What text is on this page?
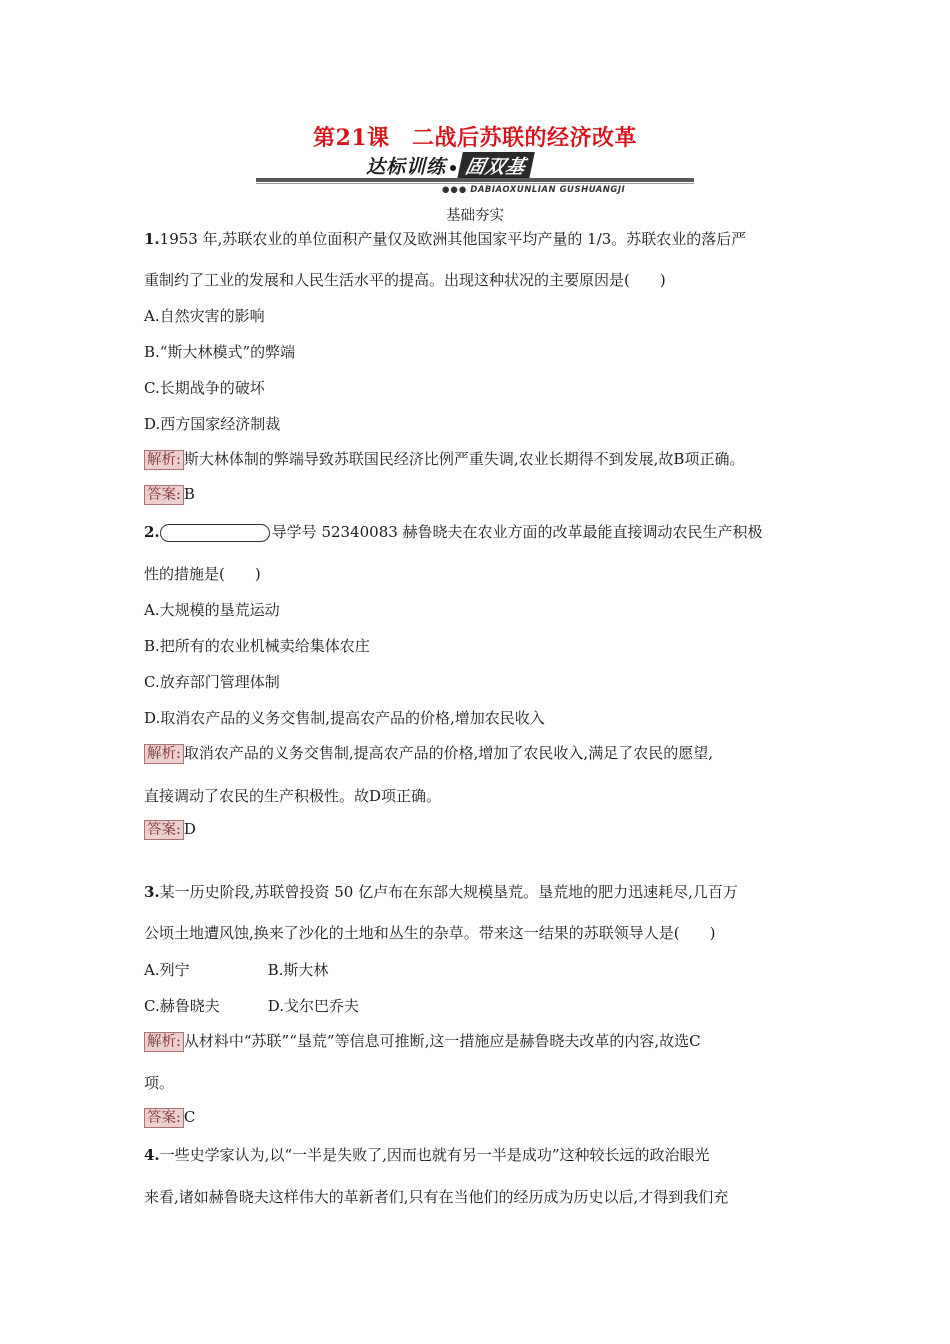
第21课　二战后苏联的经济改革
达标训练 固双基
●●● DABIAOXUNLIAN GUSHUANGJI
基础夯实
1.1953 年,苏联农业的单位面积产量仅及欧洲其他国家平均产量的 1/3。苏联农业的落后严
重制约了工业的发展和人民生活水平的提高。出现这种状况的主要原因是(　　)
A.自然灾害的影响
B.“斯大林模式”的弊端
C.长期战争的破坏
D.西方国家经济制裁
解析: 斯大林体制的弊端导致苏联国民经济比例严重失调,农业长期得不到发展,故B项正确。
答案: B
2.	导学号 52340083 赫鲁晓夫在农业方面的改革最能直接调动农民生产积极
性的措施是(　　)
A.大规模的垦荒运动
B.把所有的农业机械卖给集体农庄
C.放弃部门管理体制
D.取消农产品的义务交售制,提高农产品的价格,增加农民收入
解析: 取消农产品的义务交售制,提高农产品的价格,增加了农民收入,满足了农民的愿望,
直接调动了农民的生产积极性。故D项正确。
答案: D
3.某一历史阶段,苏联曾投资 50 亿卢布在东部大规模垦荒。垦荒地的肥力迅速耗尽,几百万
公顷土地遭风蚀,换来了沙化的土地和丛生的杂草。带来这一结果的苏联领导人是(　　)
A.列宁	B.斯大林
C.赫鲁晓夫	D.戈尔巴乔夫
解析: 从材料中“苏联”“垦荒”等信息可推断,这一措施应是赫鲁晓夫改革的内容,故选C
项。
答案: C
4.一些史学家认为,以“一半是失败了,因而也就有另一半是成功”这种较长远的政治眼光
来看,诸如赫鲁晓夫这样伟大的革新者们,只有在当他们的经历成为历史以后,才得到我们充
